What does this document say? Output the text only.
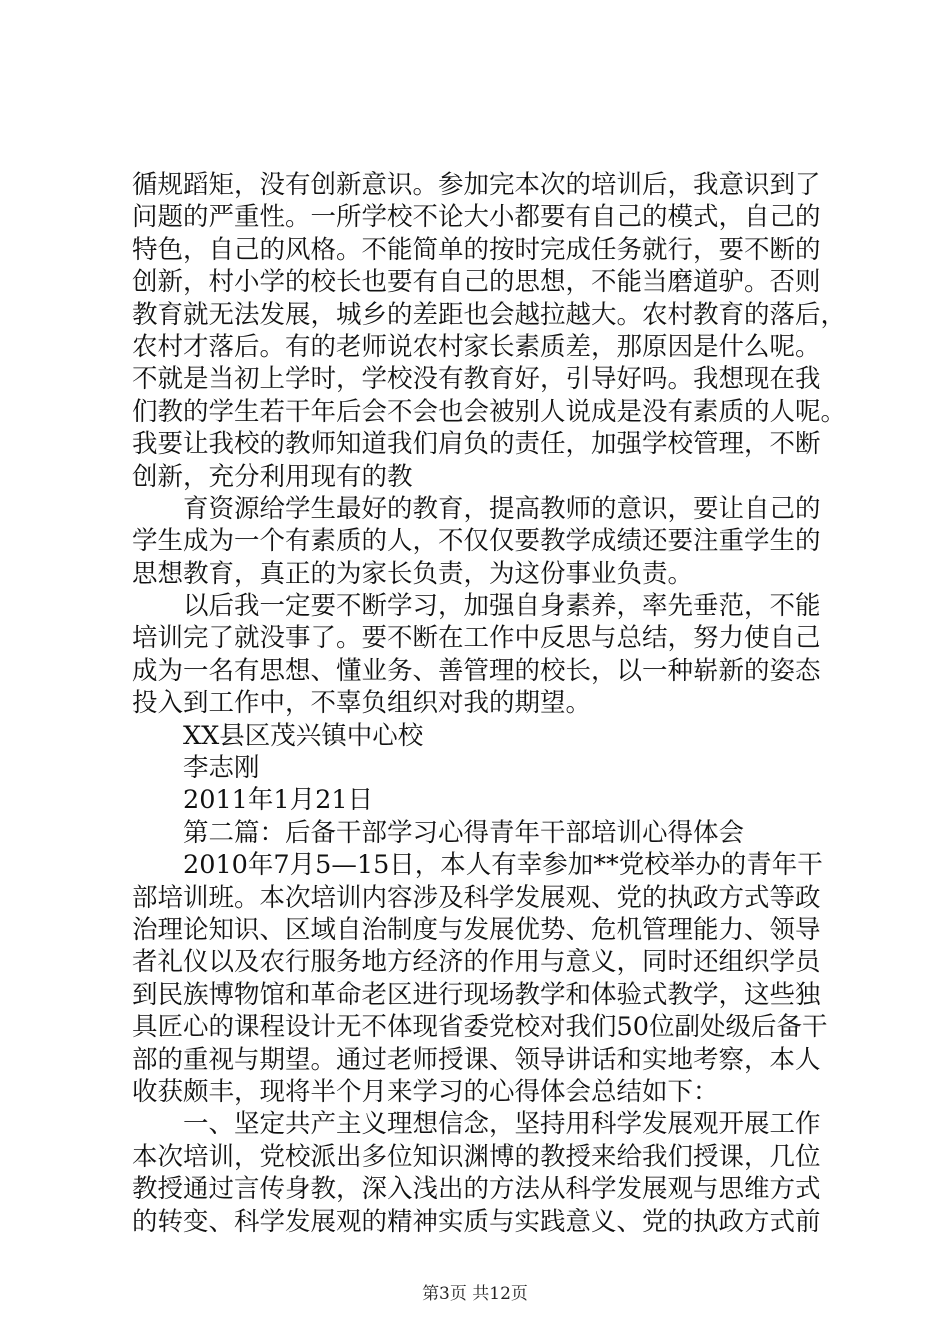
循规蹈矩，没有创新意识。参加完本次的培训后，我意识到了
问题的严重性。一所学校不论大小都要有自己的模式，自己的
特色，自己的风格。不能简单的按时完成任务就行，要不断的
创新，村小学的校长也要有自己的思想，不能当磨道驴。否则
教育就无法发展，城乡的差距也会越拉越大。农村教育的落后，
农村才落后。有的老师说农村家长素质差，那原因是什么呢。
不就是当初上学时，学校没有教育好，引导好吗。我想现在我
们教的学生若干年后会不会也会被别人说成是没有素质的人呢。
我要让我校的教师知道我们肩负的责任，加强学校管理，不断
创新，充分利用现有的教
育资源给学生最好的教育，提高教师的意识，要让自己的
学生成为一个有素质的人，不仅仅要教学成绩还要注重学生的
思想教育，真正的为家长负责，为这份事业负责。
以后我一定要不断学习，加强自身素养，率先垂范，不能
培训完了就没事了。要不断在工作中反思与总结，努力使自己
成为一名有思想、懂业务、善管理的校长，以一种崭新的姿态
投入到工作中，不辜负组织对我的期望。
XX县区茂兴镇中心校
李志刚
2011年1月21日
第二篇：后备干部学习心得青年干部培训心得体会
2010年7月5—15日，本人有幸参加**党校举办的青年干
部培训班。本次培训内容涉及科学发展观、党的执政方式等政
治理论知识、区域自治制度与发展优势、危机管理能力、领导
者礼仪以及农行服务地方经济的作用与意义，同时还组织学员
到民族博物馆和革命老区进行现场教学和体验式教学，这些独
具匠心的课程设计无不体现省委党校对我们50位副处级后备干
部的重视与期望。通过老师授课、领导讲话和实地考察，本人
收获颇丰，现将半个月来学习的心得体会总结如下：
一、坚定共产主义理想信念，坚持用科学发展观开展工作
本次培训，党校派出多位知识渊博的教授来给我们授课，几位
教授通过言传身教，深入浅出的方法从科学发展观与思维方式
的转变、科学发展观的精神实质与实践意义、党的执政方式前
第3页 共12页
